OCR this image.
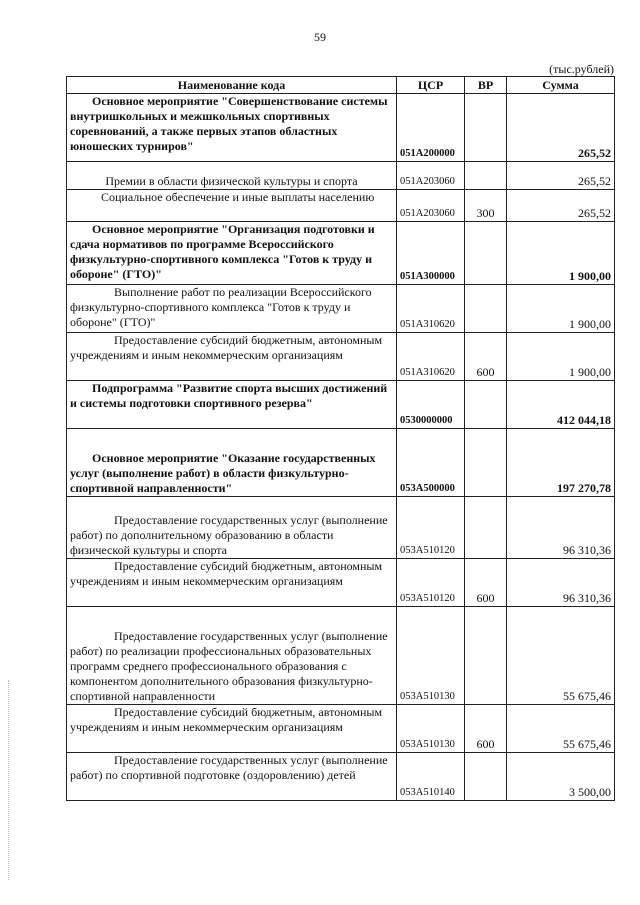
59
(тыс.рублей)
Наименование кода	ЦСР	ВР	Сумма
Основное мероприятие "Совершенствование системы внутришкольных и межшкольных спортивных соревнований, а также первых этапов областных юношеских турниров"	051A200000		265,52
Премии в области физической культуры и спорта	051A203060		265,52
Социальное обеспечение и иные выплаты населению	051A203060	300	265,52
Основное мероприятие "Организация подготовки и сдача нормативов по программе Всероссийского физкультурно-спортивного комплекса "Готов к труду и обороне" (ГТО)"	051A300000		1 900,00
Выполнение работ по реализации Всероссийского физкультурно-спортивного комплекса "Готов к труду и обороне" (ГТО)"	051A310620		1 900,00
Предоставление субсидий бюджетным, автономным учреждениям и иным некоммерческим организациям	051A310620	600	1 900,00
Подпрограмма "Развитие спорта высших достижений и системы подготовки спортивного резерва"	0530000000		412 044,18
Основное мероприятие "Оказание государственных услуг (выполнение работ) в области физкультурно-спортивной направленности"	053A500000		197 270,78
Предоставление государственных услуг (выполнение работ) по дополнительному образованию в области физической культуры и спорта	053A510120		96 310,36
Предоставление субсидий бюджетным, автономным учреждениям и иным некоммерческим организациям	053A510120	600	96 310,36
Предоставление государственных услуг (выполнение работ) по реализации профессиональных образовательных программ среднего профессионального образования с компонентом дополнительного образования физкультурно-спортивной направленности	053A510130		55 675,46
Предоставление субсидий бюджетным, автономным учреждениям и иным некоммерческим организациям	053A510130	600	55 675,46
Предоставление государственных услуг (выполнение работ) по спортивной подготовке (оздоровлению) детей	053A510140		3 500,00
